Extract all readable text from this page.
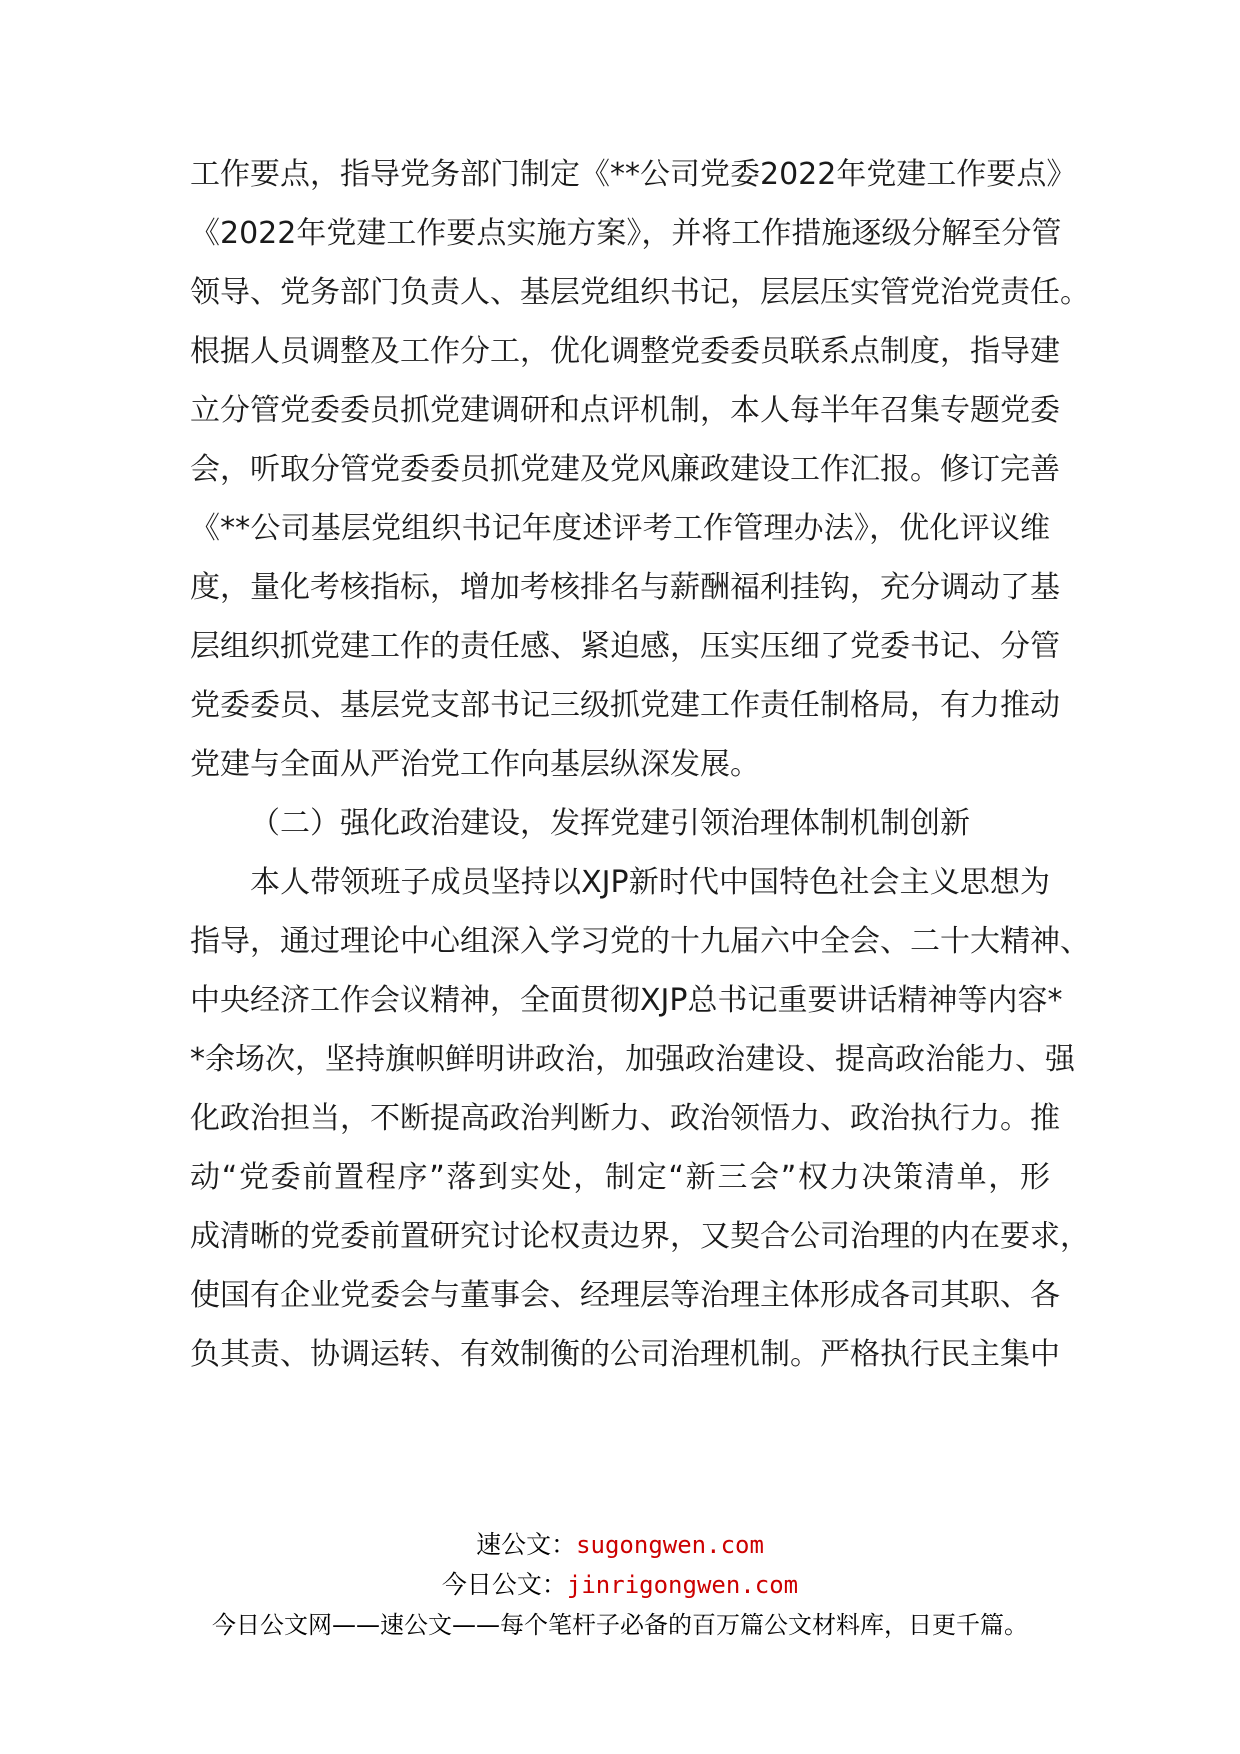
工作要点，指导党务部门制定《**公司党委2022年党建工作要点》
《2022年党建工作要点实施方案》，并将工作措施逐级分解至分管
领导、党务部门负责人、基层党组织书记，层层压实管党治党责任。
根据人员调整及工作分工，优化调整党委委员联系点制度，指导建
立分管党委委员抓党建调研和点评机制，本人每半年召集专题党委
会，听取分管党委委员抓党建及党风廉政建设工作汇报。修订完善
《**公司基层党组织书记年度述评考工作管理办法》，优化评议维
度，量化考核指标，增加考核排名与薪酬福利挂钩，充分调动了基
层组织抓党建工作的责任感、紧迫感，压实压细了党委书记、分管
党委委员、基层党支部书记三级抓党建工作责任制格局，有力推动
党建与全面从严治党工作向基层纵深发展。
（二）强化政治建设，发挥党建引领治理体制机制创新
本人带领班子成员坚持以XJP新时代中国特色社会主义思想为
指导，通过理论中心组深入学习党的十九届六中全会、二十大精神、
中央经济工作会议精神，全面贯彻XJP总书记重要讲话精神等内容*
*余场次，坚持旗帜鲜明讲政治，加强政治建设、提高政治能力、强
化政治担当，不断提高政治判断力、政治领悟力、政治执行力。推
动“党委前置程序”落到实处，制定“新三会”权力决策清单，形
成清晰的党委前置研究讨论权责边界，又契合公司治理的内在要求，
使国有企业党委会与董事会、经理层等治理主体形成各司其职、各
负其责、协调运转、有效制衡的公司治理机制。严格执行民主集中
速公文：sugongwen.com
今日公文：jinrigongwen.com
今日公文网——速公文——每个笔杆子必备的百万篇公文材料库，日更千篇。
